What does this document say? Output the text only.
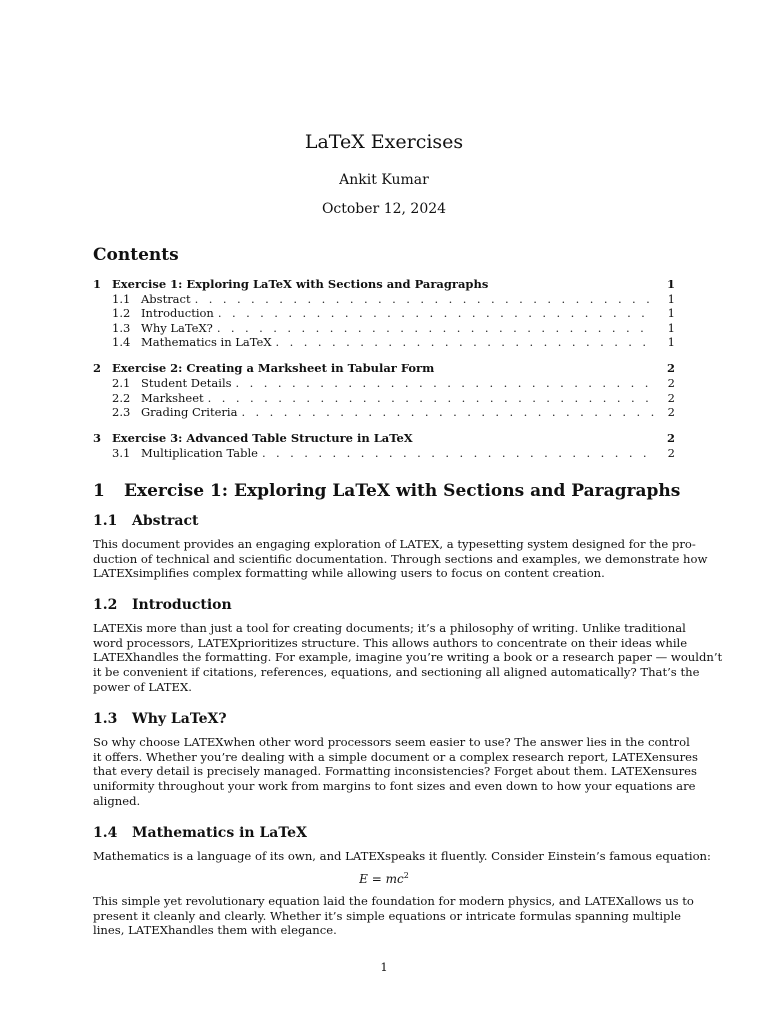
LaTeX Exercises
Ankit Kumar
October 12, 2024
Contents
1 Exercise 1: Exploring LaTeX with Sections and Paragraphs	1
1.1 Abstract . . .	1
1.2 Introduction . . .	1
1.3 Why LaTeX? . . .	1
1.4 Mathematics in LaTeX . . .	1
2 Exercise 2: Creating a Marksheet in Tabular Form	2
2.1 Student Details . . .	2
2.2 Marksheet . . .	2
2.3 Grading Criteria . . .	2
3 Exercise 3: Advanced Table Structure in LaTeX	2
3.1 Multiplication Table . . .	2
1 Exercise 1: Exploring LaTeX with Sections and Paragraphs
1.1 Abstract
This document provides an engaging exploration of LATEX, a typesetting system designed for the pro-
duction of technical and scientific documentation. Through sections and examples, we demonstrate how
LATEXsimplifies complex formatting while allowing users to focus on content creation.
1.2 Introduction
LATEXis more than just a tool for creating documents; it’s a philosophy of writing. Unlike traditional
word processors, LATEXprioritizes structure. This allows authors to concentrate on their ideas while
LATEXhandles the formatting. For example, imagine you’re writing a book or a research paper — wouldn’t
it be convenient if citations, references, equations, and sectioning all aligned automatically? That’s the
power of LATEX.
1.3 Why LaTeX?
So why choose LATEXwhen other word processors seem easier to use? The answer lies in the control
it offers. Whether you’re dealing with a simple document or a complex research report, LATEXensures
that every detail is precisely managed. Formatting inconsistencies? Forget about them. LATEXensures
uniformity throughout your work from margins to font sizes and even down to how your equations are
aligned.
1.4 Mathematics in LaTeX
Mathematics is a language of its own, and LATEXspeaks it fluently. Consider Einstein’s famous equation:
$E = mc^2$
This simple yet revolutionary equation laid the foundation for modern physics, and LATEXallows us to
present it cleanly and clearly. Whether it’s simple equations or intricate formulas spanning multiple
lines, LATEXhandles them with elegance.
1
